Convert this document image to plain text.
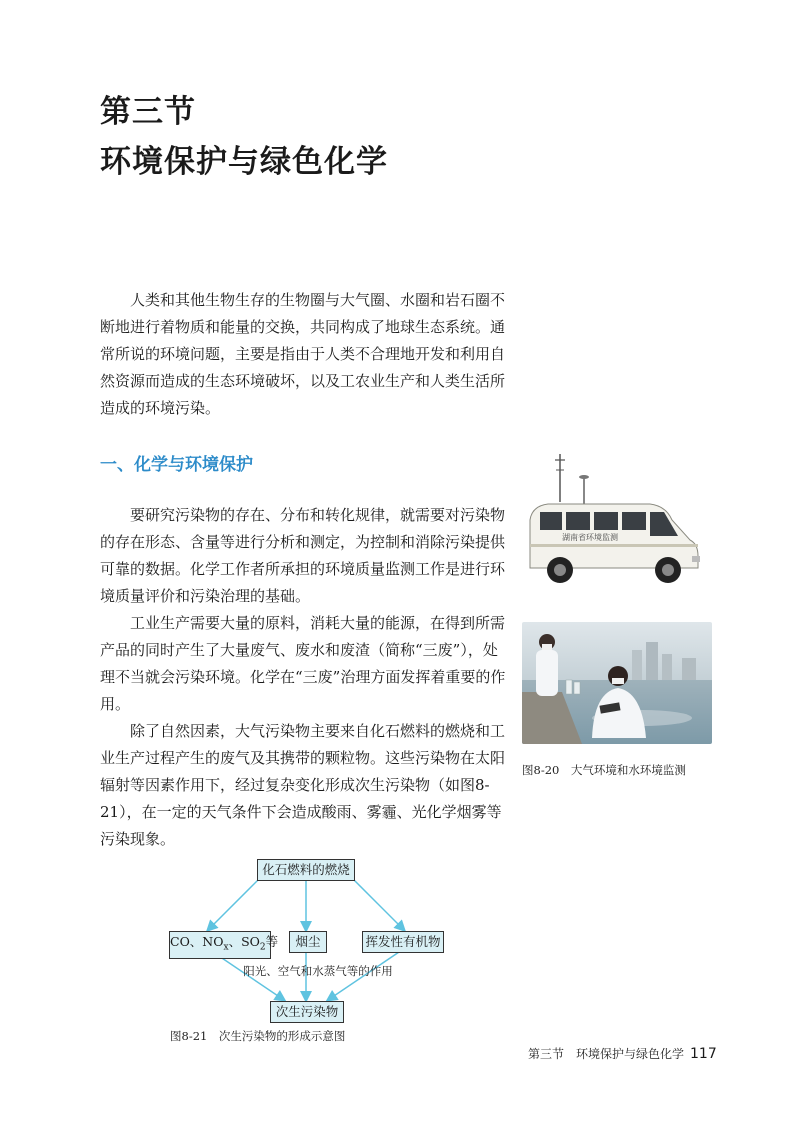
第三节
环境保护与绿色化学

人类和其他生物生存的生物圈与大气圈、水圈和岩石圈不断地进行着物质和能量的交换，共同构成了地球生态系统。通常所说的环境问题，主要是指由于人类不合理地开发和利用自然资源而造成的生态环境破坏，以及工农业生产和人类生活所造成的环境污染。

一、化学与环境保护

要研究污染物的存在、分布和转化规律，就需要对污染物的存在形态、含量等进行分析和测定，为控制和消除污染提供可靠的数据。化学工作者所承担的环境质量监测工作是进行环境质量评价和污染治理的基础。

工业生产需要大量的原料，消耗大量的能源，在得到所需产品的同时产生了大量废气、废水和废渣（简称“三废”），处理不当就会污染环境。化学在“三废”治理方面发挥着重要的作用。

除了自然因素，大气污染物主要来自化石燃料的燃烧和工业生产过程产生的废气及其携带的颗粒物。这些污染物在太阳辐射等因素作用下，经过复杂变化形成次生污染物（如图8-21），在一定的天气条件下会造成酸雨、雾霾、光化学烟雾等污染现象。

湖南省环境监测
图8-20　大气环境和水环境监测
化石燃料的燃烧
CO、$NO_x$、$SO_2$等	烟尘	挥发性有机物
阳光、空气和水蒸气等的作用
次生污染物
图8-21　次生污染物的形成示意图
第三节　环境保护与绿色化学 117
